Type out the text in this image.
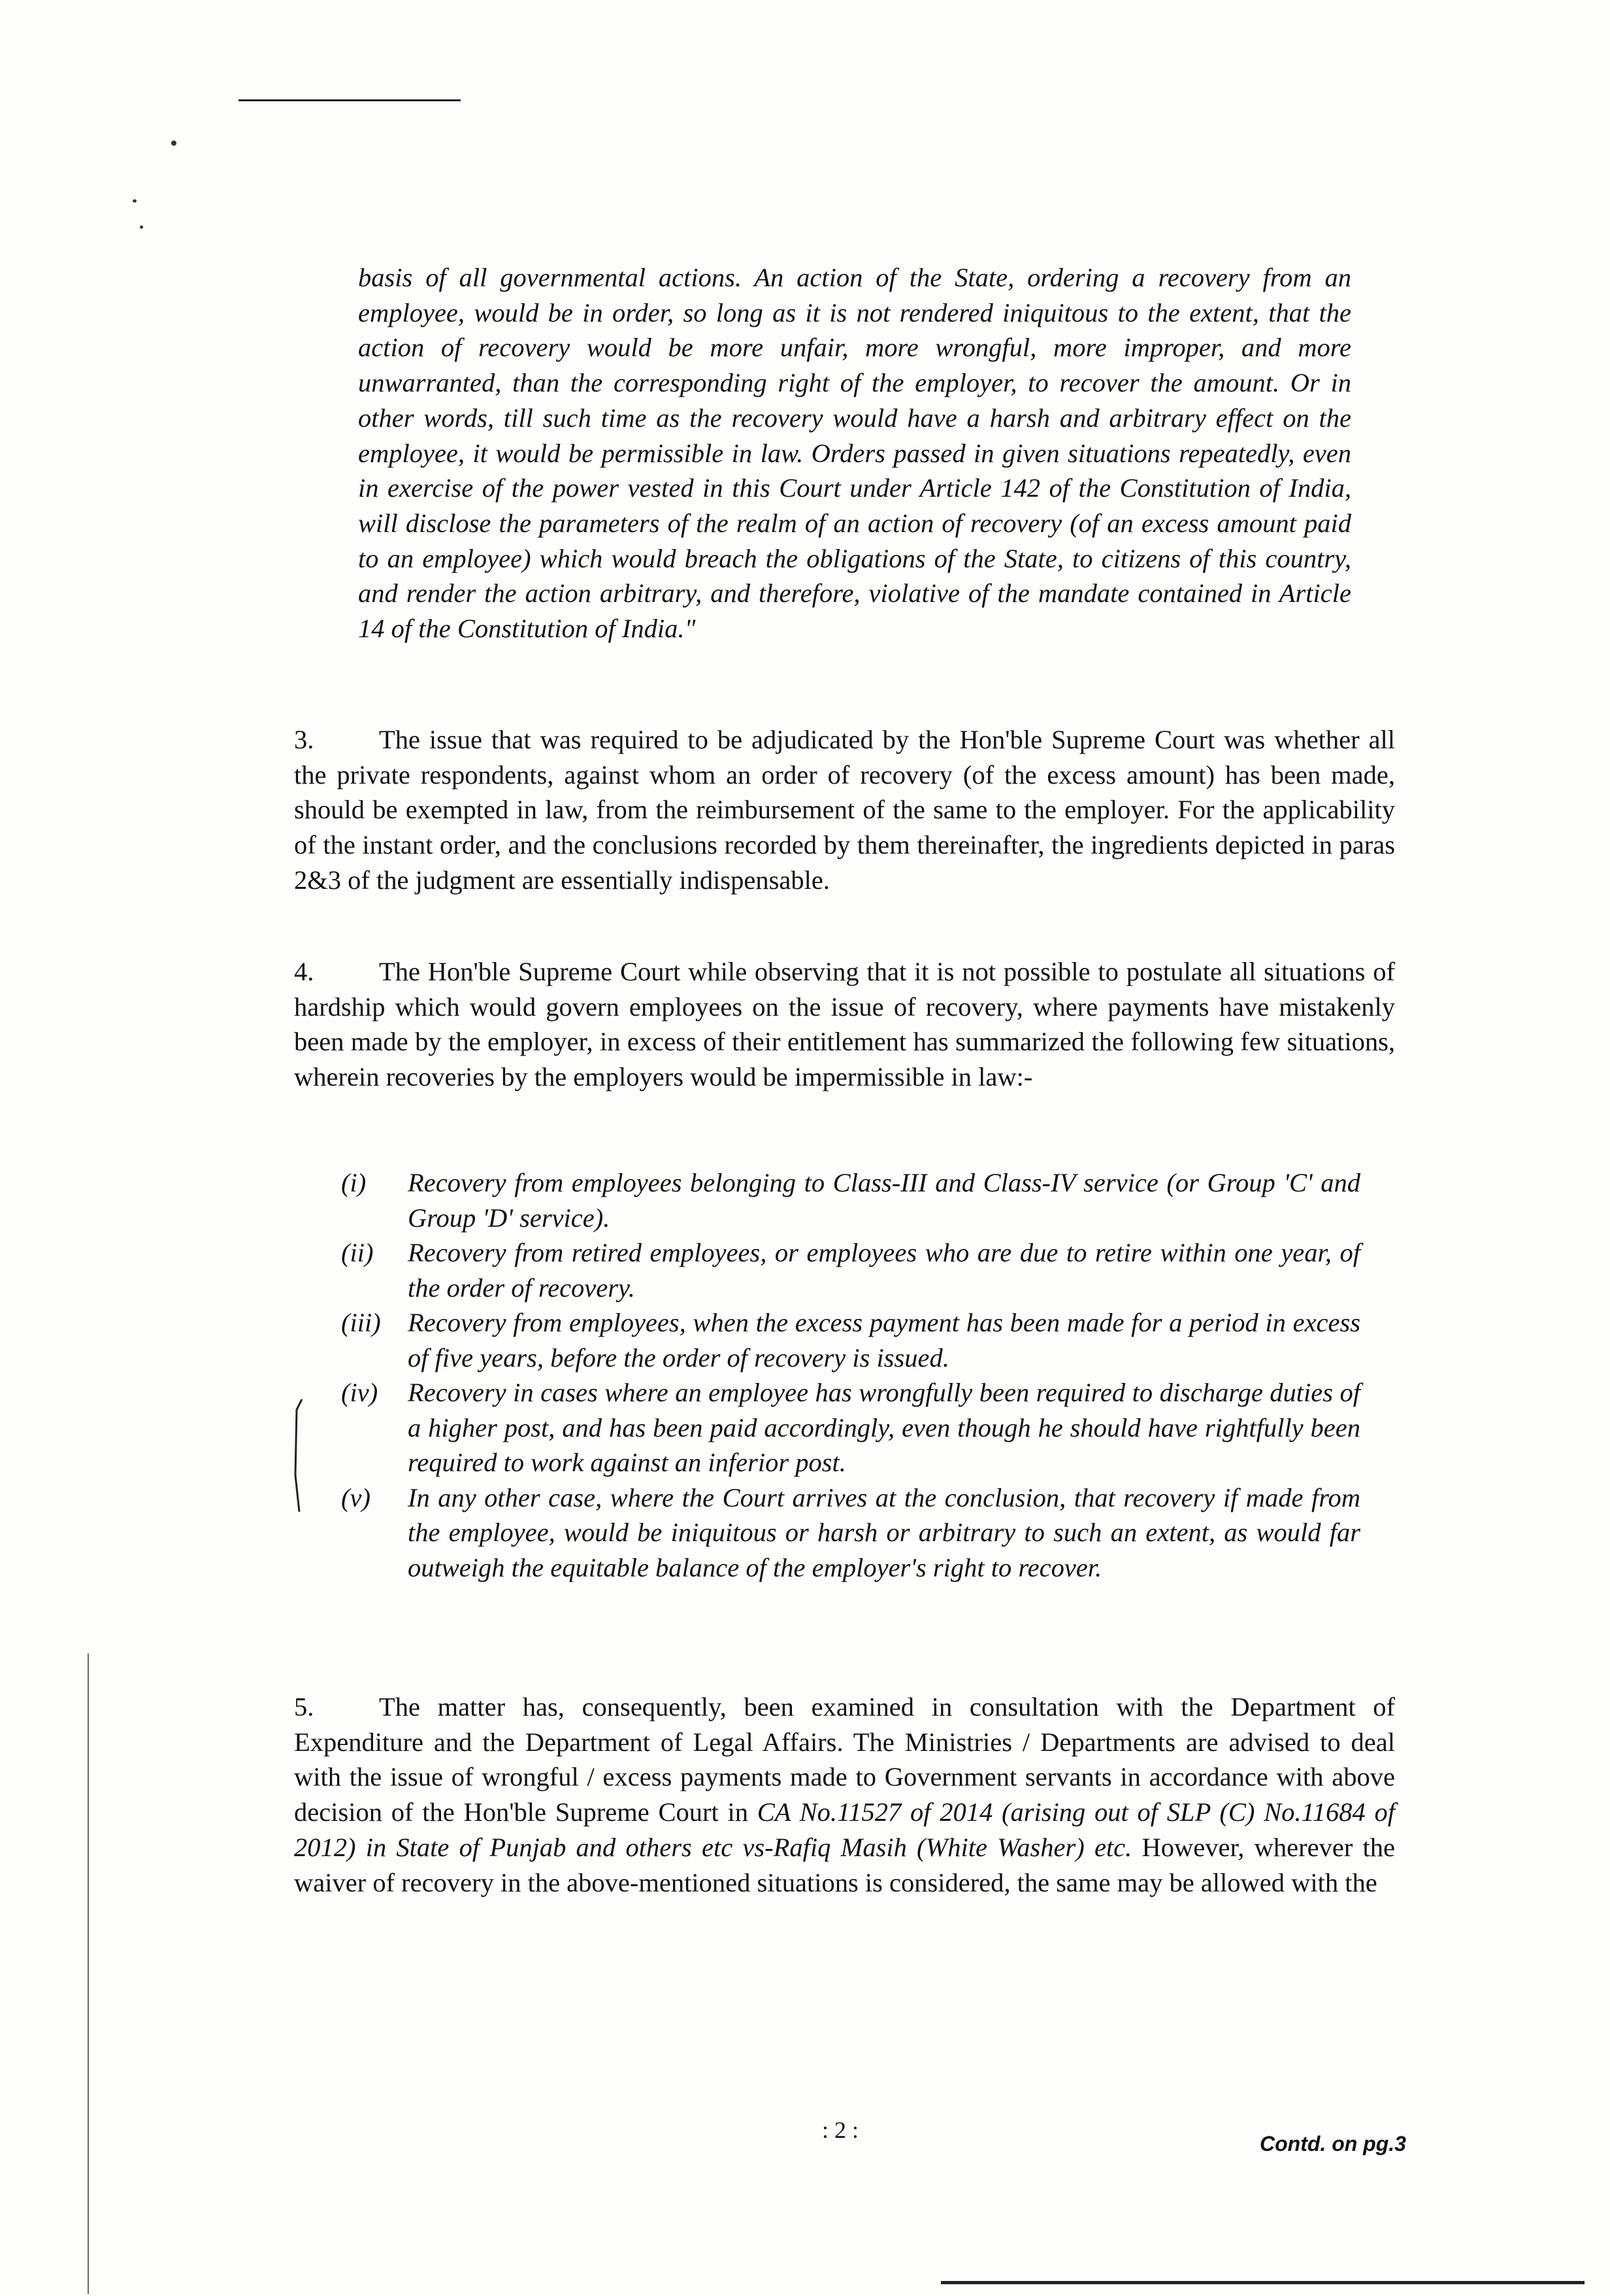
basis of all governmental actions. An action of the State, ordering a recovery from an employee, would be in order, so long as it is not rendered iniquitous to the extent, that the action of recovery would be more unfair, more wrongful, more improper, and more unwarranted, than the corresponding right of the employer, to recover the amount. Or in other words, till such time as the recovery would have a harsh and arbitrary effect on the employee, it would be permissible in law. Orders passed in given situations repeatedly, even in exercise of the power vested in this Court under Article 142 of the Constitution of India, will disclose the parameters of the realm of an action of recovery (of an excess amount paid to an employee) which would breach the obligations of the State, to citizens of this country, and render the action arbitrary, and therefore, violative of the mandate contained in Article 14 of the Constitution of India."
3. The issue that was required to be adjudicated by the Hon'ble Supreme Court was whether all the private respondents, against whom an order of recovery (of the excess amount) has been made, should be exempted in law, from the reimbursement of the same to the employer. For the applicability of the instant order, and the conclusions recorded by them thereinafter, the ingredients depicted in paras 2&3 of the judgment are essentially indispensable.
4. The Hon'ble Supreme Court while observing that it is not possible to postulate all situations of hardship which would govern employees on the issue of recovery, where payments have mistakenly been made by the employer, in excess of their entitlement has summarized the following few situations, wherein recoveries by the employers would be impermissible in law:-
(i) Recovery from employees belonging to Class-III and Class-IV service (or Group 'C' and Group 'D' service).
(ii) Recovery from retired employees, or employees who are due to retire within one year, of the order of recovery.
(iii) Recovery from employees, when the excess payment has been made for a period in excess of five years, before the order of recovery is issued.
(iv) Recovery in cases where an employee has wrongfully been required to discharge duties of a higher post, and has been paid accordingly, even though he should have rightfully been required to work against an inferior post.
(v) In any other case, where the Court arrives at the conclusion, that recovery if made from the employee, would be iniquitous or harsh or arbitrary to such an extent, as would far outweigh the equitable balance of the employer's right to recover.
5. The matter has, consequently, been examined in consultation with the Department of Expenditure and the Department of Legal Affairs. The Ministries / Departments are advised to deal with the issue of wrongful / excess payments made to Government servants in accordance with above decision of the Hon'ble Supreme Court in CA No.11527 of 2014 (arising out of SLP (C) No.11684 of 2012) in State of Punjab and others etc vs-Rafiq Masih (White Washer) etc. However, wherever the waiver of recovery in the above-mentioned situations is considered, the same may be allowed with the
: 2 :
Contd. on pg.3
